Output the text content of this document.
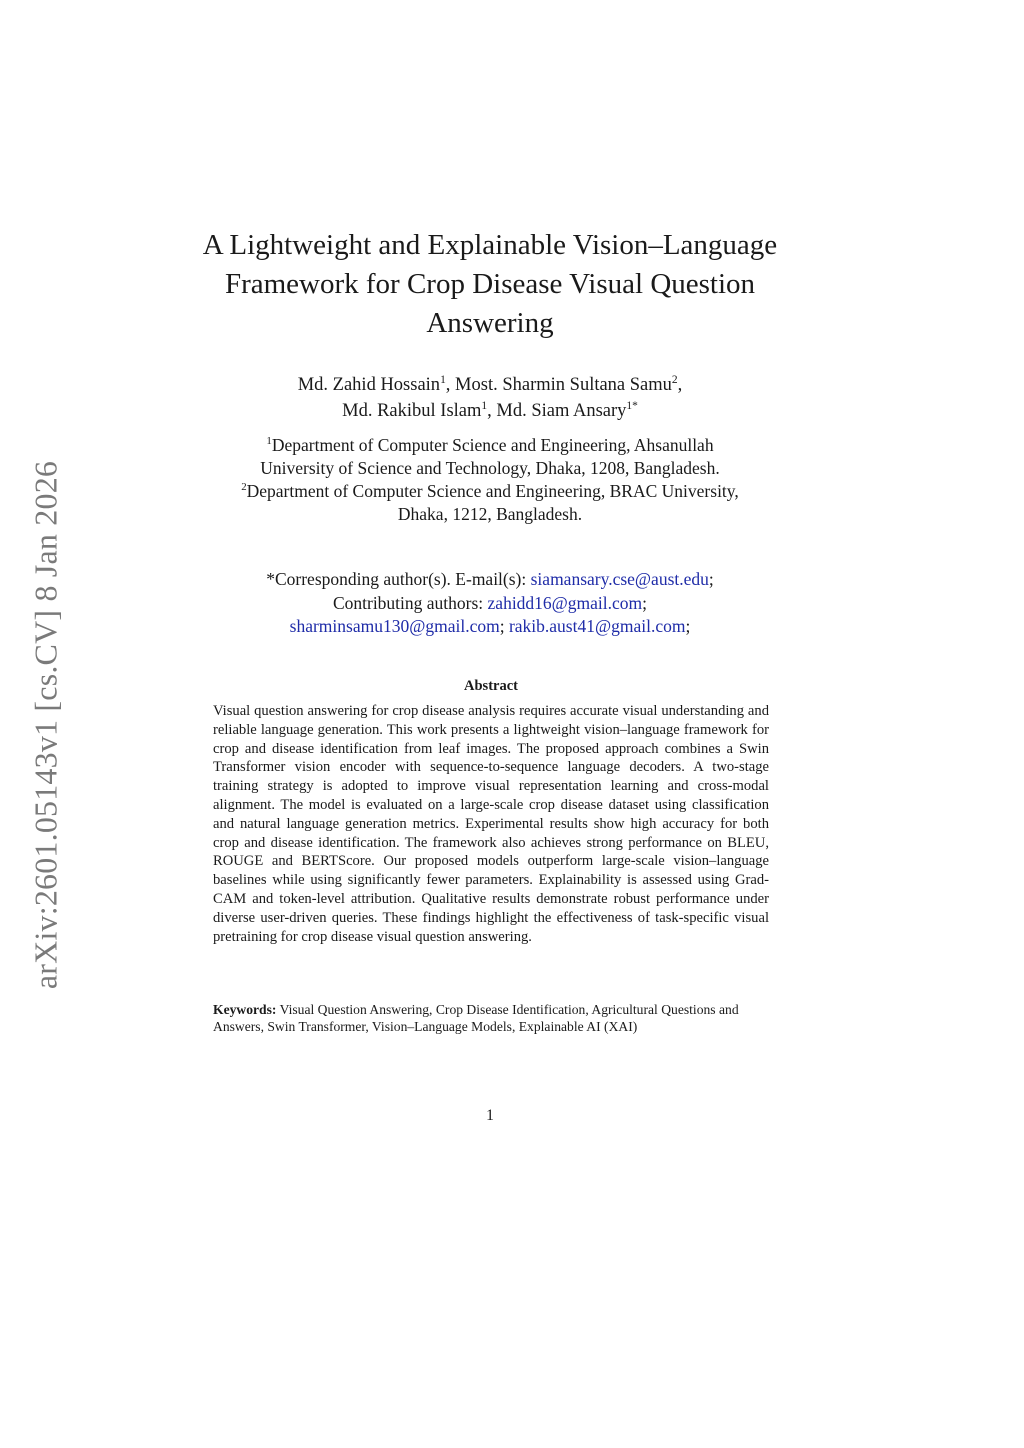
arXiv:2601.05143v1 [cs.CV] 8 Jan 2026
A Lightweight and Explainable Vision–Language
Framework for Crop Disease Visual Question
Answering
Md. Zahid Hossain$^1$, Most. Sharmin Sultana Samu$^2$,
Md. Rakibul Islam$^1$, Md. Siam Ansary$^{1*}$
$^1$Department of Computer Science and Engineering, Ahsanullah
University of Science and Technology, Dhaka, 1208, Bangladesh.
$^2$Department of Computer Science and Engineering, BRAC University,
Dhaka, 1212, Bangladesh.
*Corresponding author(s). E-mail(s): siamansary.cse@aust.edu;
Contributing authors: zahidd16@gmail.com;
sharminsamu130@gmail.com; rakib.aust41@gmail.com;
Abstract

Visual question answering for crop disease analysis requires accurate visual understanding and reliable language generation. This work presents a lightweight vision–language framework for crop and disease identification from leaf images. The proposed approach combines a Swin Transformer vision encoder with sequence-to-sequence language decoders. A two-stage training strategy is adopted to improve visual representation learning and cross-modal alignment. The model is evaluated on a large-scale crop disease dataset using classification and natural language generation metrics. Experimental results show high accuracy for both crop and disease identification. The framework also achieves strong performance on BLEU, ROUGE and BERTScore. Our proposed models outperform large-scale vision–language baselines while using significantly fewer parameters. Explainability is assessed using Grad-CAM and token-level attribution. Qualitative results demonstrate robust performance under diverse user-driven queries. These findings highlight the effectiveness of task-specific visual pretraining for crop disease visual question answering.

Keywords: Visual Question Answering, Crop Disease Identification, Agricultural Questions and Answers, Swin Transformer, Vision–Language Models, Explainable AI (XAI)

1
